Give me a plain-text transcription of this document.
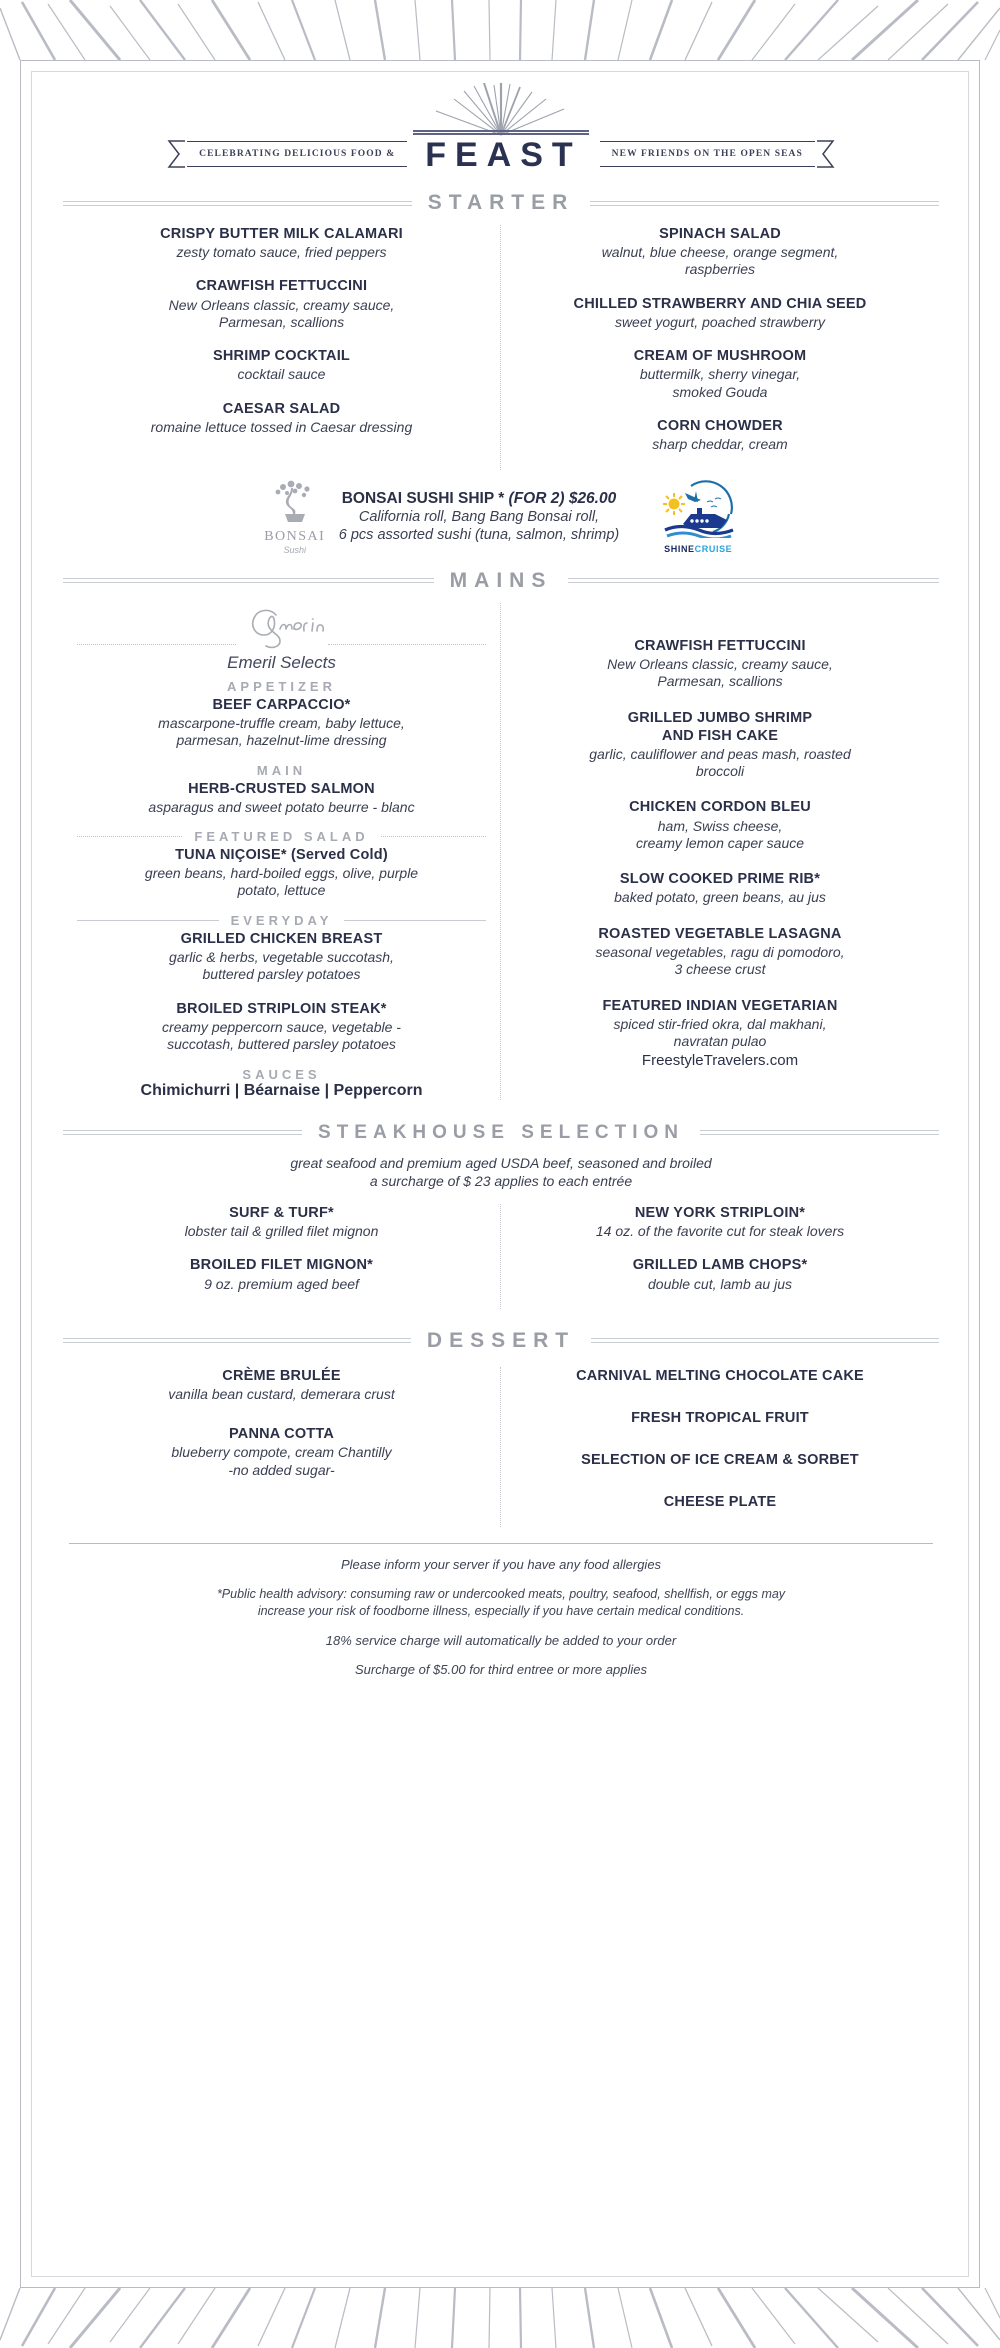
CELEBRATING DELICIOUS FOOD & FEAST	NEW FRIENDS ON THE OPEN SEAS
STARTER
CRISPY BUTTER MILK CALAMARI
zesty tomato sauce, fried peppers
CRAWFISH FETTUCCINI
New Orleans classic, creamy sauce,
Parmesan, scallions
SHRIMP COCKTAIL
cocktail sauce
CAESAR SALAD
romaine lettuce tossed in Caesar dressing
SPINACH SALAD
walnut, blue cheese, orange segment,
raspberries
CHILLED STRAWBERRY AND CHIA SEED
sweet yogurt, poached strawberry
CREAM OF MUSHROOM
buttermilk, sherry vinegar,
smoked Gouda
CORN CHOWDER
sharp cheddar, cream
BONSAI
Sushi
BONSAI SUSHI SHIP * (FOR 2) $26.00
California roll, Bang Bang Bonsai roll,
6 pcs assorted sushi (tuna, salmon, shrimp)
SHINECRUISE
MAINS
Emeril Selects
APPETIZER
BEEF CARPACCIO*
mascarpone-truffle cream, baby lettuce,
parmesan, hazelnut-lime dressing
MAIN
HERB-CRUSTED SALMON
asparagus and sweet potato beurre - blanc
FEATURED SALAD
TUNA NIÇOISE* (Served Cold)
green beans, hard-boiled eggs, olive, purple
potato, lettuce
EVERYDAY
GRILLED CHICKEN BREAST
garlic & herbs, vegetable succotash,
buttered parsley potatoes
BROILED STRIPLOIN STEAK*
creamy peppercorn sauce, vegetable -
succotash, buttered parsley potatoes
SAUCES
Chimichurri | Béarnaise | Peppercorn
CRAWFISH FETTUCCINI
New Orleans classic, creamy sauce,
Parmesan, scallions
GRILLED JUMBO SHRIMP
AND FISH CAKE
garlic, cauliflower and peas mash, roasted
broccoli
CHICKEN CORDON BLEU
ham, Swiss cheese,
creamy lemon caper sauce
SLOW COOKED PRIME RIB*
baked potato, green beans, au jus
ROASTED VEGETABLE LASAGNA
seasonal vegetables, ragu di pomodoro,
3 cheese crust
FEATURED INDIAN VEGETARIAN
spiced stir-fried okra, dal makhani,
navratan pulao
FreestyleTravelers.com
STEAKHOUSE SELECTION
great seafood and premium aged USDA beef, seasoned and broiled
a surcharge of $ 23 applies to each entrée
SURF & TURF*
lobster tail & grilled filet mignon
BROILED FILET MIGNON*
9 oz. premium aged beef
NEW YORK STRIPLOIN*
14 oz. of the favorite cut for steak lovers
GRILLED LAMB CHOPS*
double cut, lamb au jus
DESSERT
CRÈME BRULÉE
vanilla bean custard, demerara crust
PANNA COTTA
blueberry compote, cream Chantilly
-no added sugar-
CARNIVAL MELTING CHOCOLATE CAKE
FRESH TROPICAL FRUIT
SELECTION OF ICE CREAM & SORBET
CHEESE PLATE
Please inform your server if you have any food allergies
*Public health advisory: consuming raw or undercooked meats, poultry, seafood, shellfish, or eggs may
increase your risk of foodborne illness, especially if you have certain medical conditions.
18% service charge will automatically be added to your order
Surcharge of $5.00 for third entree or more applies
